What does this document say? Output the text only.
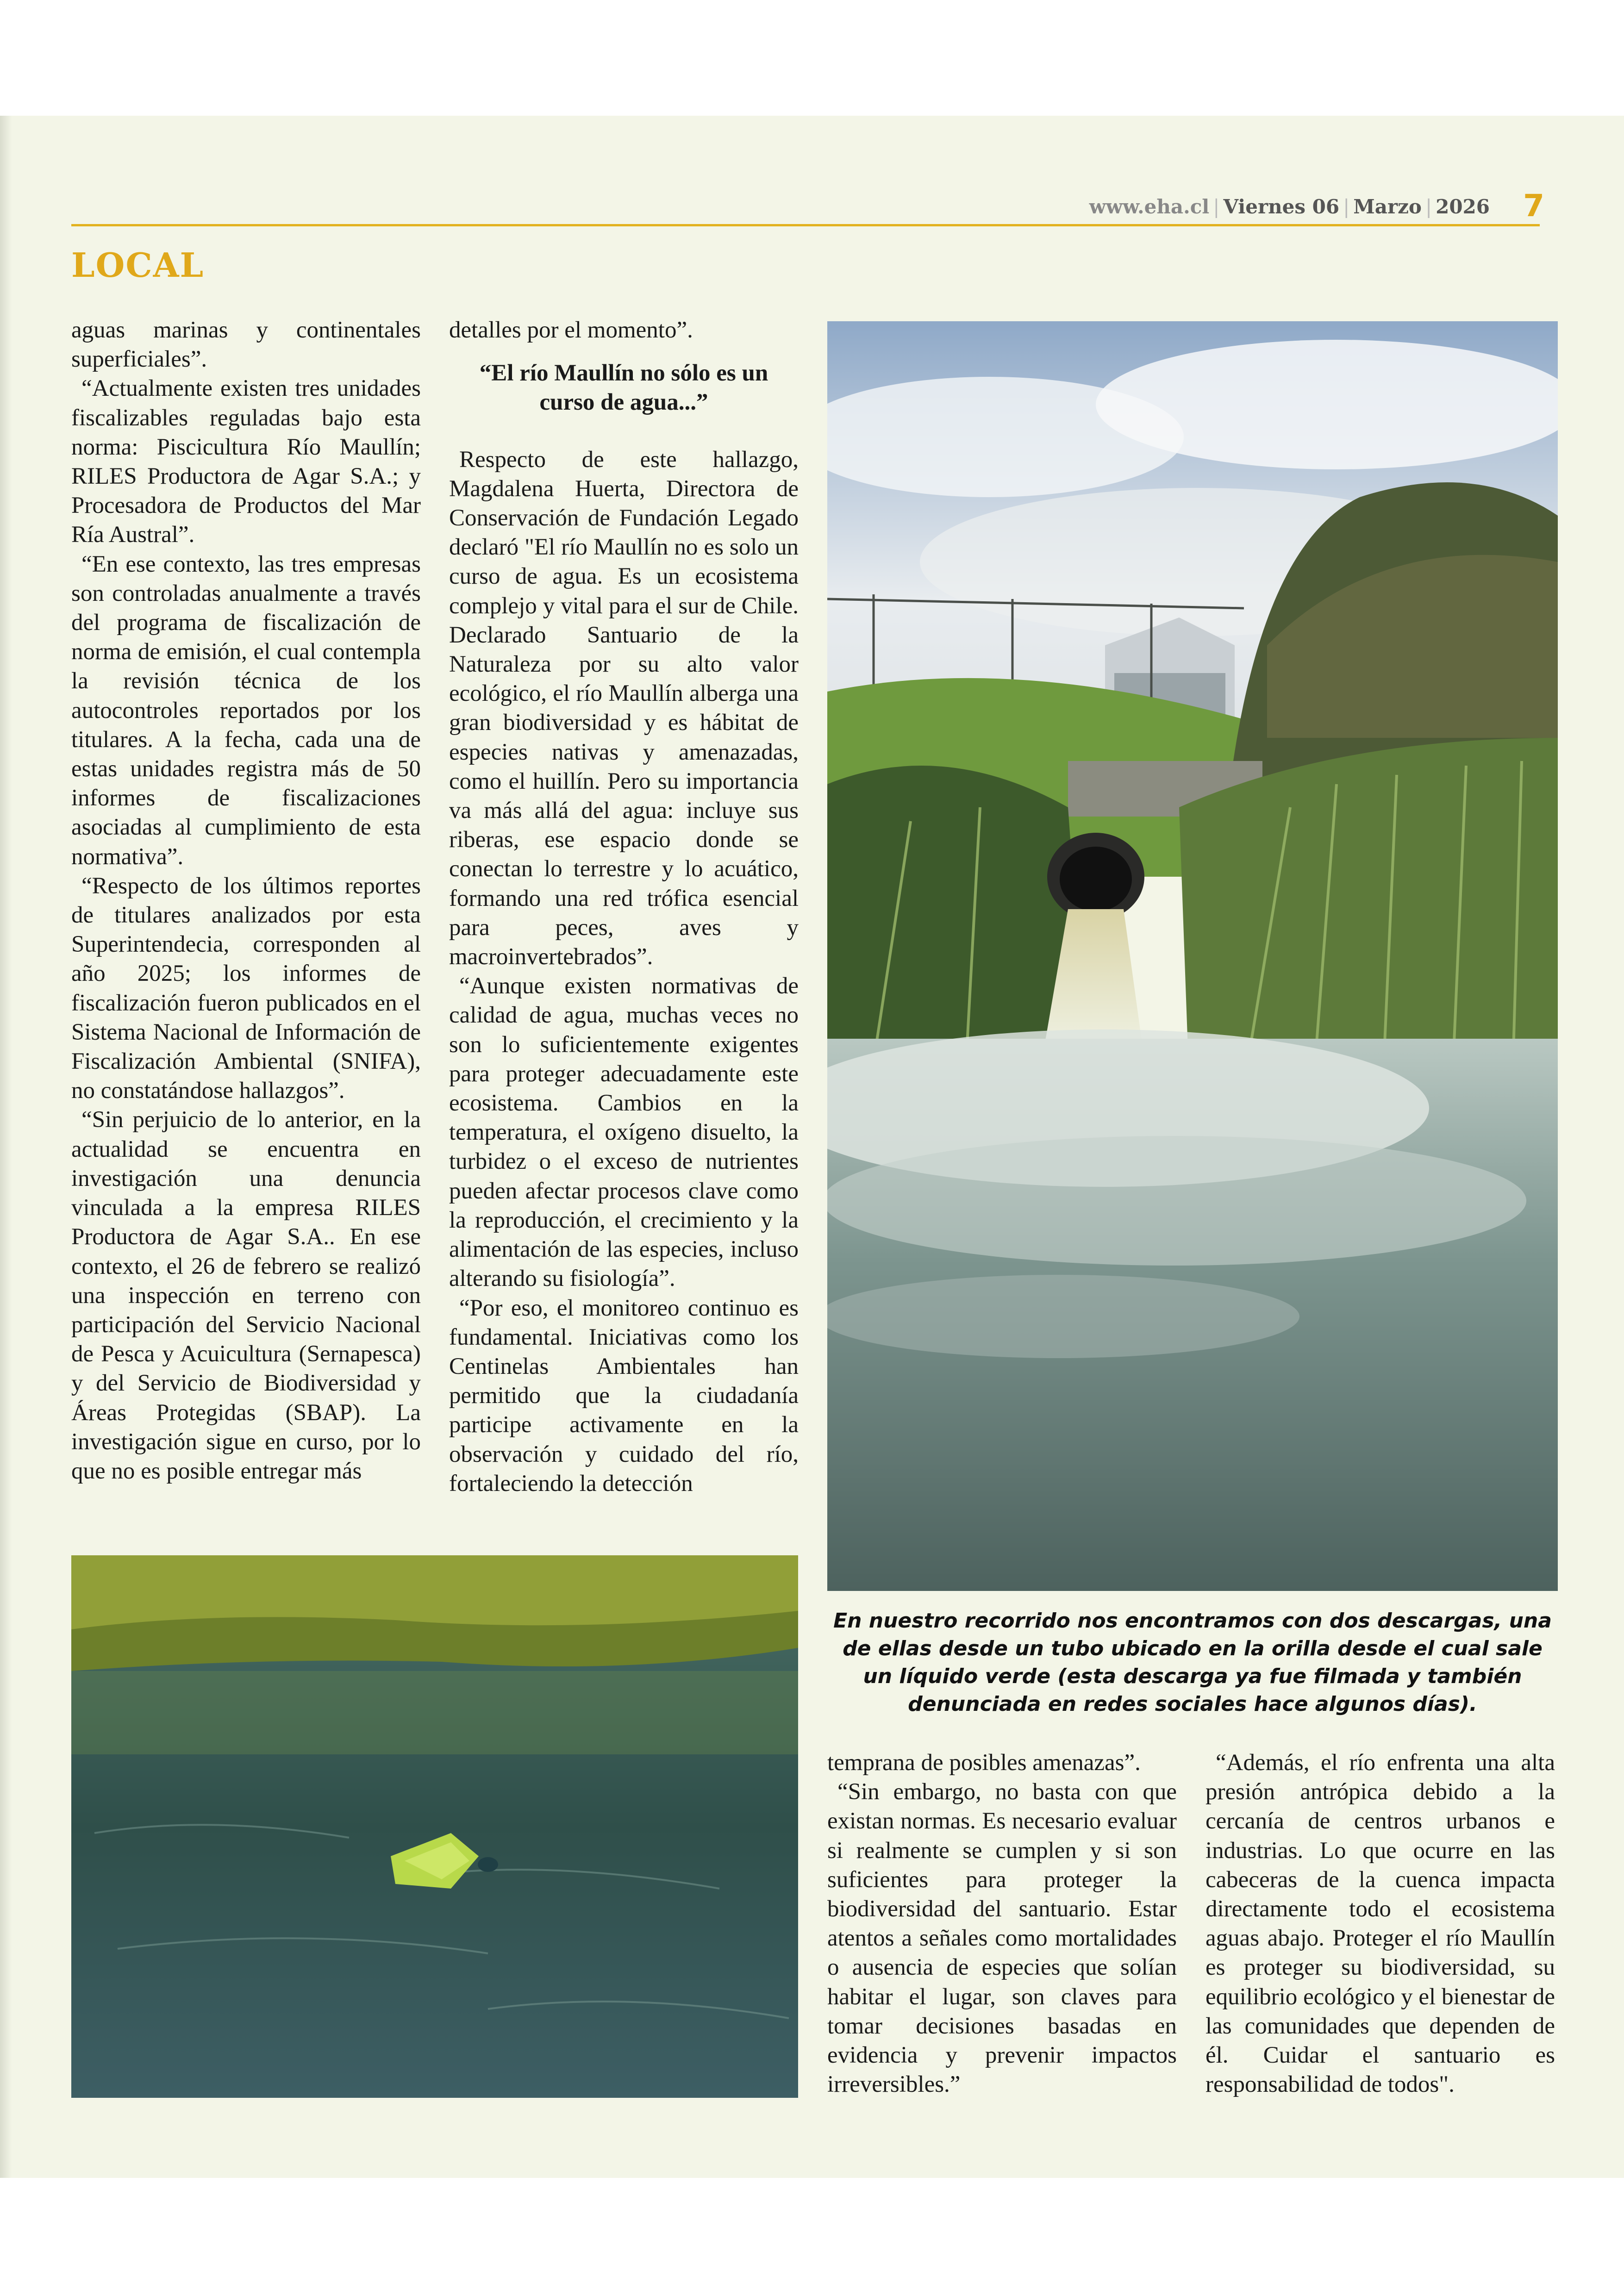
www.eha.cl | Viernes 06 | Marzo | 2026 7
LOCAL

aguas marinas y continentales superficiales”.

“Actualmente existen tres unidades fiscalizables reguladas bajo esta norma: Piscicultura Río Maullín; RILES Productora de Agar S.A.; y Procesadora de Productos del Mar Ría Austral”.

“En ese contexto, las tres empresas son controladas anualmente a través del programa de fiscalización de norma de emisión, el cual contempla la revisión técnica de los autocontroles reportados por los titulares. A la fecha, cada una de estas unidades registra más de 50 informes de fiscalizaciones asociadas al cumplimiento de esta normativa”.

“Respecto de los últimos reportes de titulares analizados por esta Superintendecia, corresponden al año 2025; los informes de fiscalización fueron publicados en el Sistema Nacional de Información de Fiscalización Ambiental (SNIFA), no constatándose hallazgos”.

“Sin perjuicio de lo anterior, en la actualidad se encuentra en investigación una denuncia vinculada a la empresa RILES Productora de Agar S.A.. En ese contexto, el 26 de febrero se realizó una inspección en terreno con participación del Servicio Nacional de Pesca y Acuicultura (Sernapesca) y del Servicio de Biodiversidad y Áreas Protegidas (SBAP). La investigación sigue en curso, por lo que no es posible entregar más

detalles por el momento”.

“El río Maullín no sólo es un curso de agua...”

Respecto de este hallazgo, Magdalena Huerta, Directora de Conservación de Fundación Legado declaró "El río Maullín no es solo un curso de agua. Es un ecosistema complejo y vital para el sur de Chile. Declarado Santuario de la Naturaleza por su alto valor ecológico, el río Maullín alberga una gran biodiversidad y es hábitat de especies nativas y amenazadas, como el huillín. Pero su importancia va más allá del agua: incluye sus riberas, ese espacio donde se conectan lo terrestre y lo acuático, formando una red trófica esencial para peces, aves y macroinvertebrados”.

“Aunque existen normativas de calidad de agua, muchas veces no son lo suficientemente exigentes para proteger adecuadamente este ecosistema. Cambios en la temperatura, el oxígeno disuelto, la turbidez o el exceso de nutrientes pueden afectar procesos clave como la reproducción, el crecimiento y la alimentación de las especies, incluso alterando su fisiología”.

“Por eso, el monitoreo continuo es fundamental. Iniciativas como los Centinelas Ambientales han permitido que la ciudadanía participe activamente en la observación y cuidado del río, fortaleciendo la detección

En nuestro recorrido nos encontramos con dos descargas, una de ellas desde un tubo ubicado en la orilla desde el cual sale un líquido verde (esta descarga ya fue filmada y también denunciada en redes sociales hace algunos días).

temprana de posibles amenazas”.

“Sin embargo, no basta con que existan normas. Es necesario evaluar si realmente se cumplen y si son suficientes para proteger la biodiversidad del santuario. Estar atentos a señales como mortalidades o ausencia de especies que solían habitar el lugar, son claves para tomar decisiones basadas en evidencia y prevenir impactos irreversibles.”

“Además, el río enfrenta una alta presión antrópica debido a la cercanía de centros urbanos e industrias. Lo que ocurre en las cabeceras de la cuenca impacta directamente todo el ecosistema aguas abajo. Proteger el río Maullín es proteger su biodiversidad, su equilibrio ecológico y el bienestar de las comunidades que dependen de él. Cuidar el santuario es responsabilidad de todos".
